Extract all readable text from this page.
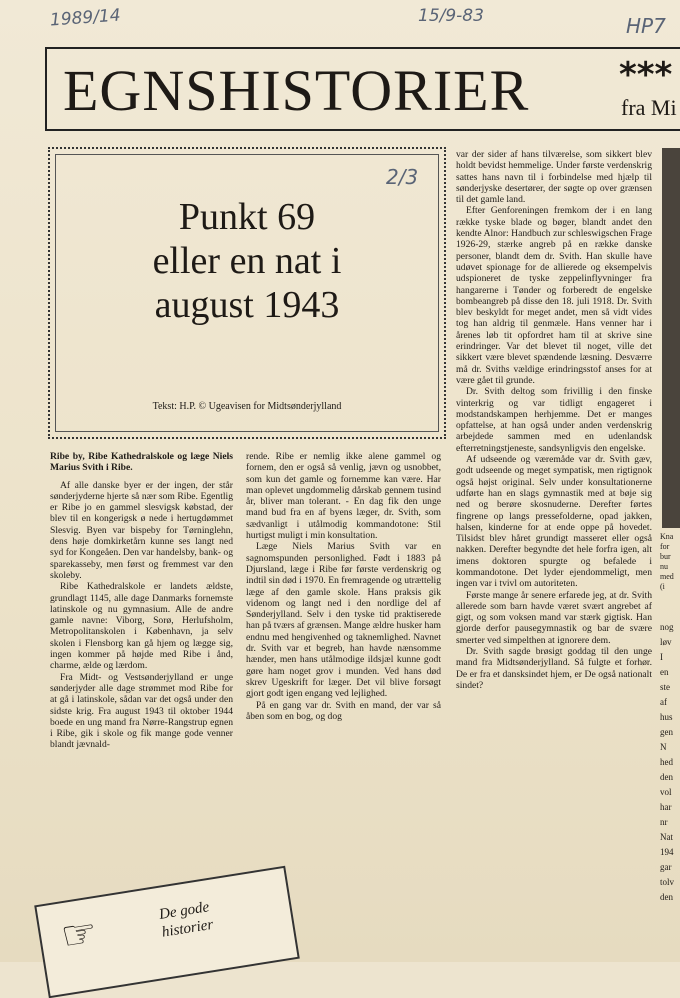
1989/14	15/9-83	HP7
EGNSHISTORIER	***
fra Mi
Punkt 69
eller en nat i
august 1943
Tekst: H.P. © Ugeavisen for Midtsønderjylland
2/3

Ribe by, Ribe Kathedralskole og læge Niels Marius Svith i Ribe.

Af alle danske byer er der ingen, der står sønderjyderne hjerte så nær som Ribe. Egentlig er Ribe jo en gammel slesvigsk købstad, der blev til en kongerigsk ø nede i hertugdømmet Slesvig. Byen var bispeby for Tørninglehn, dens høje domkirketårn kunne ses langt ned syd for Kongeåen. Den var handelsby, bank- og sparekasseby, men først og fremmest var den skoleby.

Ribe Kathedralskole er landets ældste, grundlagt 1145, alle dage Danmarks fornemste latinskole og nu gymnasium. Alle de andre gamle navne: Viborg, Sorø, Herlufsholm, Metropolitanskolen i København, ja selv skolen i Flensborg kan gå hjem og lægge sig, ingen kommer på højde med Ribe i ånd, charme, ælde og lærdom.

Fra Midt- og Vestsønderjylland er unge sønderjyder alle dage strømmet mod Ribe for at gå i latinskole, sådan var det også under den sidste krig. Fra august 1943 til oktober 1944 boede en ung mand fra Nørre-Rangstrup egnen i Ribe, gik i skole og fik mange gode venner blandt jævnald-

rende. Ribe er nemlig ikke alene gammel og fornem, den er også så venlig, jævn og usnobbet, som kun det gamle og fornemme kan være. Har man oplevet ungdommelig dårskab gennem tusind år, bliver man tolerant. - En dag fik den unge mand bud fra en af byens læger, dr. Svith, som sædvanligt i utålmodig kommandotone: Stil hurtigst muligt i min konsultation.

Læge Niels Marius Svith var en sagnomspunden personlighed. Født i 1883 på Djursland, læge i Ribe før første verdenskrig og indtil sin død i 1970. En fremragende og utrættelig læge af den gamle skole. Hans praksis gik videnom og langt ned i den nordlige del af Sønderjylland. Selv i den tyske tid praktiserede han på tværs af grænsen. Mange ældre husker ham endnu med hengivenhed og taknemlighed. Navnet dr. Svith var et begreb, han havde nænsomme hænder, men hans utålmodige ildsjæl kunne godt gøre ham noget grov i munden. Ved hans død skrev Ugeskrift for læger. Det vil blive forsøgt gjort godt igen engang ved lejlighed.

På en gang var dr. Svith en mand, der var så åben som en bog, og dog

var der sider af hans tilværelse, som sikkert blev holdt bevidst hemmelige. Under første verdenskrig sattes hans navn til i forbindelse med hjælp til sønderjyske desertører, der søgte op over grænsen til det gamle land.

Efter Genforeningen fremkom der i en lang række tyske blade og bøger, blandt andet den kendte Alnor: Handbuch zur schleswigschen Frage 1926-29, stærke angreb på en række danske personer, blandt dem dr. Svith. Han skulle have udøvet spionage for de allierede og eksempelvis udspioneret de tyske zeppelinflyvninger fra hangarerne i Tønder og forberedt de engelske bombeangreb på disse den 18. juli 1918. Dr. Svith blev beskyldt for meget andet, men så vidt vides tog han aldrig til genmæle. Hans venner har i årenes løb tit opfordret ham til at skrive sine erindringer. Var det blevet til noget, ville det sikkert være blevet spændende læsning. Desværre må dr. Sviths vældige erindringsstof anses for at være gået til grunde.

Dr. Svith deltog som frivillig i den finske vinterkrig og var tidligt engageret i modstandskampen herhjemme. Det er manges opfattelse, at han også under anden verdenskrig arbejdede sammen med en udenlandsk efterretningstjeneste, sandsynligvis den engelske.

Af udseende og væremåde var dr. Svith gæv, godt udseende og meget sympatisk, men rigtignok også højst original. Selv under konsultationerne udførte han en slags gymnastik med at bøje sig ned og berøre skosnuderne. Derefter førtes fingrene op langs pressefolderne, opad jakken, halsen, kinderne for at ende oppe på hovedet. Tilsidst blev håret grundigt masseret eller også nakken. Derefter begyndte det hele forfra igen, alt imens doktoren spurgte og befalede i kommandotone. Det lyder ejendommeligt, men ingen var i tvivl om autoriteten.

Første mange år senere erfarede jeg, at dr. Svith allerede som barn havde været svært angrebet af gigt, og som voksen mand var stærk gigtisk. Han gjorde derfor pausegymnastik og bar de svære smerter ved simpelthen at ignorere dem.

Dr. Svith sagde brøsigt goddag til den unge mand fra Midtsønderjylland. Så fulgte et forhør. De er fra et dansksindet hjem, er De også nationalt sindet?

Kna
for
bur
nu
med
(i
nog
løv
I
en
ste
af
hus
gen
N
hed
den
vol
har
nr
Nat
194
gar
tolv
den
☞	De gode
historier
